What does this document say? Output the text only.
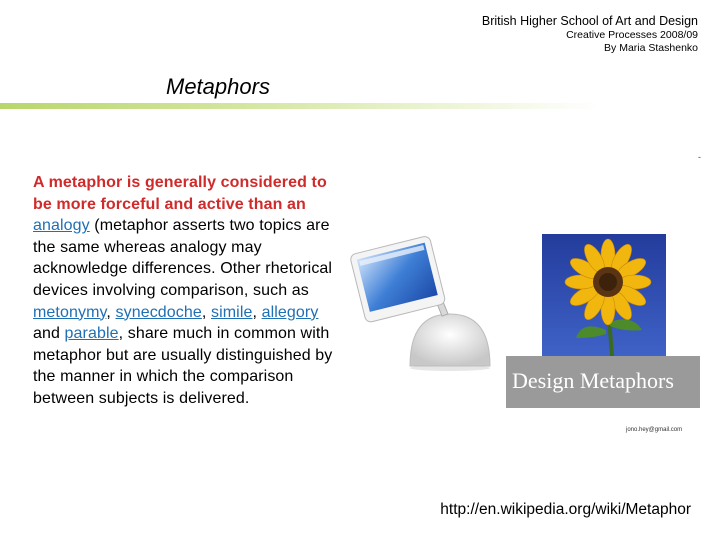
British Higher School of Art and Design
Creative Processes 2008/09
By Maria Stashenko
Metaphors
-
A metaphor is generally considered to be more forceful and active than an analogy (metaphor asserts two topics are the same whereas analogy may acknowledge differences. Other rhetorical devices involving comparison, such as metonymy, synecdoche, simile, allegory and parable, share much in common with metaphor but are usually distinguished by the manner in which the comparison between subjects is delivered.
Design Metaphors
jono.hey@gmail.com
http://en.wikipedia.org/wiki/Metaphor
